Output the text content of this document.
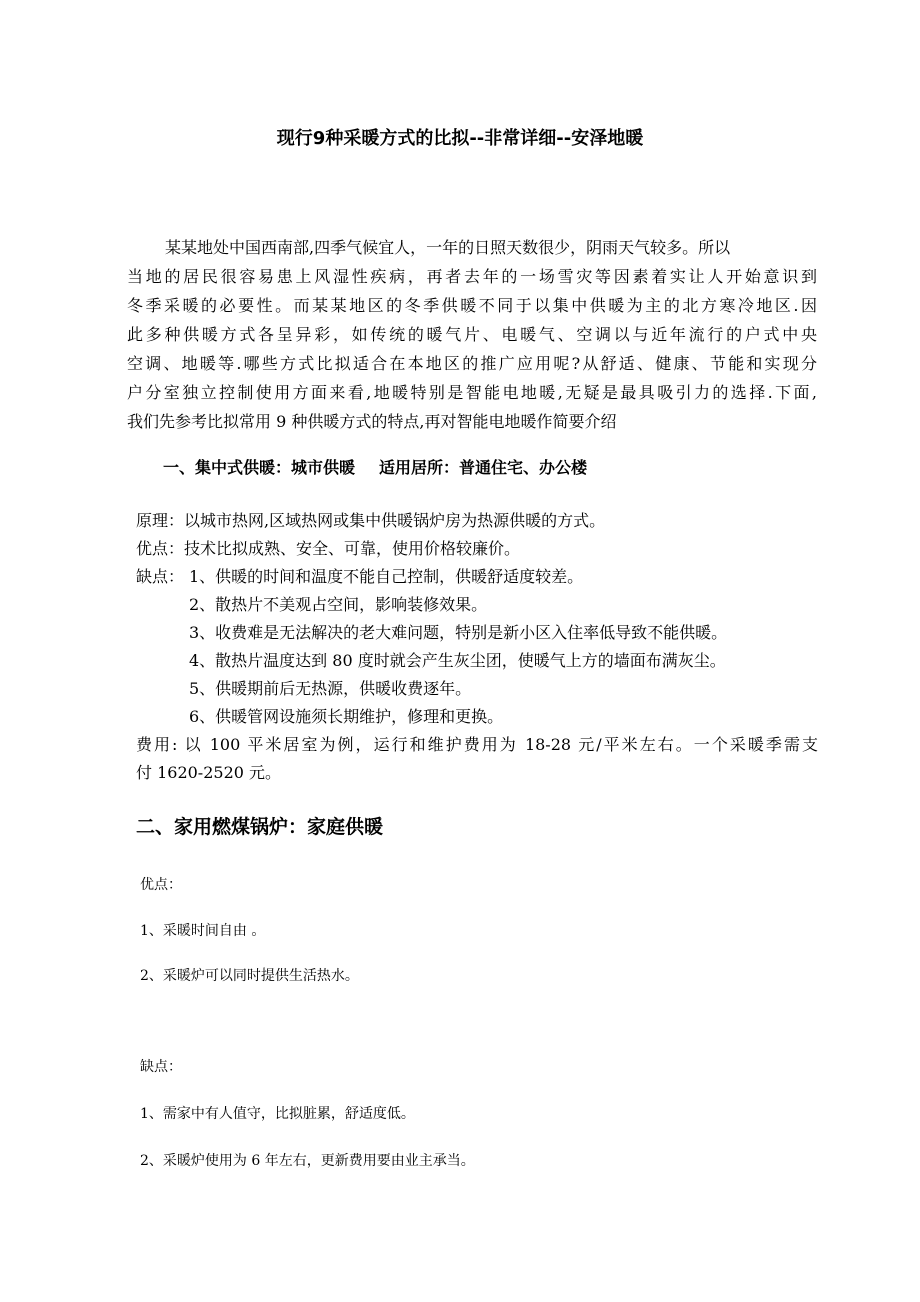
现行9种采暖方式的比拟--非常详细--安泽地暖
某某地处中国西南部,四季气候宜人，一年的日照天数很少，阴雨天气较多。所以
当地的居民很容易患上风湿性疾病，再者去年的一场雪灾等因素着实让人开始意识到
冬季采暖的必要性。而某某地区的冬季供暖不同于以集中供暖为主的北方寒冷地区.因
此多种供暖方式各呈异彩，如传统的暖气片、电暖气、空调以与近年流行的户式中央
空调、地暖等.哪些方式比拟适合在本地区的推广应用呢?从舒适、健康、节能和实现分
户分室独立控制使用方面来看,地暖特别是智能电地暖,无疑是最具吸引力的选择.下面,
我们先参考比拟常用 9 种供暖方式的特点,再对智能电地暖作简要介绍
一、集中式供暖：城市供暖 适用居所：普通住宅、办公楼
原理：以城市热网,区域热网或集中供暖锅炉房为热源供暖的方式。
优点：技术比拟成熟、安全、可靠，使用价格较廉价。
缺点： 1、供暖的时间和温度不能自己控制，供暖舒适度较差。
2、散热片不美观占空间，影响装修效果。
3、收费难是无法解决的老大难问题，特别是新小区入住率低导致不能供暖。
4、散热片温度达到 80 度时就会产生灰尘团，使暖气上方的墙面布满灰尘。
5、供暖期前后无热源，供暖收费逐年。
6、供暖管网设施须长期维护，修理和更换。
费用: 以 100 平米居室为例，运行和维护费用为 18-28 元/平米左右。一个采暖季需支
付 1620-2520 元。
二、家用燃煤锅炉：家庭供暖
优点：
1、采暖时间自由 。
2、采暖炉可以同时提供生活热水。
缺点：
1、需家中有人值守，比拟脏累，舒适度低。
2、采暖炉使用为 6 年左右，更新费用要由业主承当。
